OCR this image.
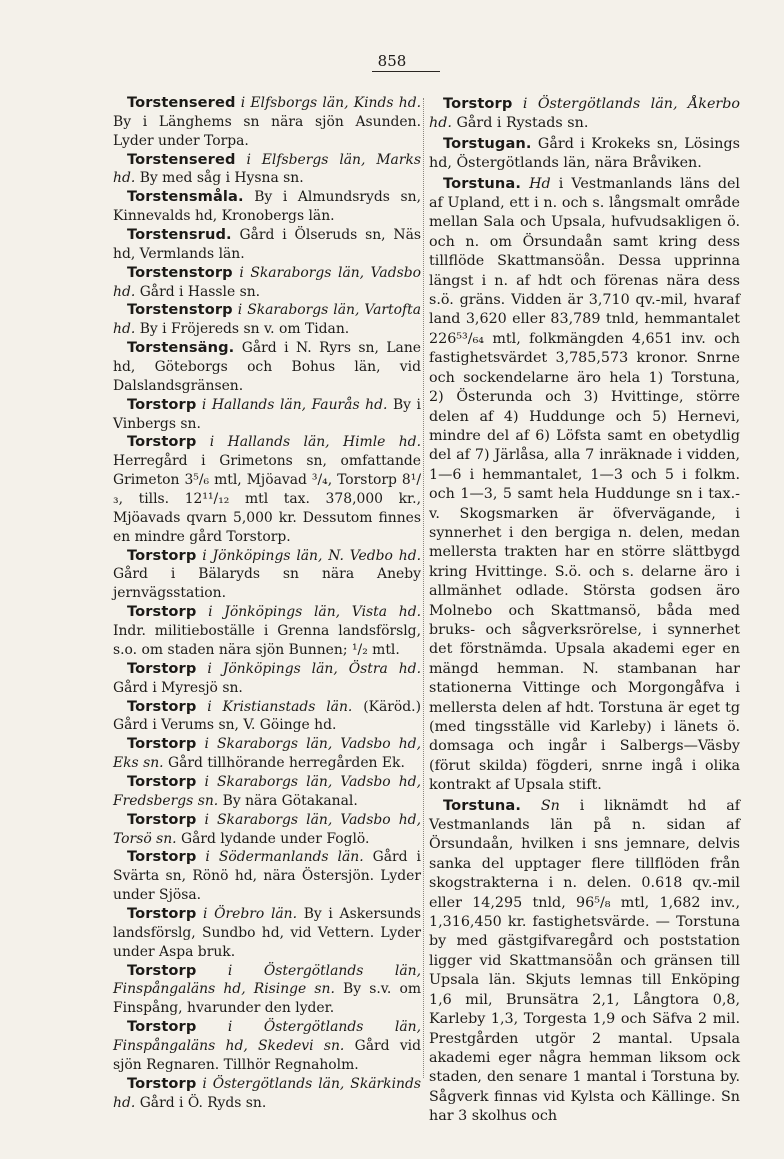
858

Torstensered i Elfsborgs län, Kinds hd. By i Länghems sn nära sjön Asunden. Lyder under Torpa.

Torstensered i Elfsbergs län, Marks hd. By med såg i Hysna sn.

Torstensmåla. By i Almundsryds sn, Kinnevalds hd, Kronobergs län.

Torstensrud. Gård i Ölseruds sn, Näs hd, Vermlands län.

Torstenstorp i Skaraborgs län, Vadsbo hd. Gård i Hassle sn.

Torstenstorp i Skaraborgs län, Vartofta hd. By i Fröjereds sn v. om Tidan.

Torstensäng. Gård i N. Ryrs sn, Lane hd, Göteborgs och Bohus län, vid Dalslandsgränsen.

Torstorp i Hallands län, Faurås hd. By i Vinbergs sn.

Torstorp i Hallands län, Himle hd. Herregård i Grimetons sn, omfattande Grimeton 3⁵/₆ mtl, Mjöavad ³/₄, Torstorp 8¹/₃, tills. 12¹¹/₁₂ mtl tax. 378,000 kr., Mjöavads qvarn 5,000 kr. Dessutom finnes en mindre gård Torstorp.

Torstorp i Jönköpings län, N. Vedbo hd. Gård i Bälaryds sn nära Aneby jernvägsstation.

Torstorp i Jönköpings län, Vista hd. Indr. militieboställe i Grenna landsförslg, s.o. om staden nära sjön Bunnen; ¹/₂ mtl.

Torstorp i Jönköpings län, Östra hd. Gård i Myresjö sn.

Torstorp i Kristianstads län. (Käröd.) Gård i Verums sn, V. Göinge hd.

Torstorp i Skaraborgs län, Vadsbo hd, Eks sn. Gård tillhörande herregården Ek.

Torstorp i Skaraborgs län, Vadsbo hd, Fredsbergs sn. By nära Götakanal.

Torstorp i Skaraborgs län, Vadsbo hd, Torsö sn. Gård lydande under Foglö.

Torstorp i Södermanlands län. Gård i Svärta sn, Rönö hd, nära Östersjön. Lyder under Sjösa.

Torstorp i Örebro län. By i Askersunds landsförslg, Sundbo hd, vid Vettern. Lyder under Aspa bruk.

Torstorp i Östergötlands län, Finspångaläns hd, Risinge sn. By s.v. om Finspång, hvarunder den lyder.

Torstorp i Östergötlands län, Finspångaläns hd, Skedevi sn. Gård vid sjön Regnaren. Tillhör Regnaholm.

Torstorp i Östergötlands län, Skärkinds hd. Gård i Ö. Ryds sn.

Torstorp i Östergötlands län, Åkerbo hd. Gård i Rystads sn.

Torstugan. Gård i Krokeks sn, Lösings hd, Östergötlands län, nära Bråviken.

Torstuna. Hd i Vestmanlands läns del af Upland, ett i n. och s. långsmalt område mellan Sala och Upsala, hufvudsakligen ö. och n. om Örsundaån samt kring dess tillflöde Skattmansöån. Dessa upprinna längst i n. af hdt och förenas nära dess s.ö. gräns. Vidden är 3,710 qv.-mil, hvaraf land 3,620 eller 83,789 tnld, hemmantalet 226⁵³/₆₄ mtl, folkmängden 4,651 inv. och fastighetsvärdet 3,785,573 kronor. Snrne och sockendelarne äro hela 1) Torstuna, 2) Österunda och 3) Hvittinge, större delen af 4) Huddunge och 5) Hernevi, mindre del af 6) Löfsta samt en obetydlig del af 7) Järlåsa, alla 7 inräknade i vidden, 1—6 i hemmantalet, 1—3 och 5 i folkm. och 1—3, 5 samt hela Huddunge sn i tax.-v. Skogsmarken är öfvervägande, i synnerhet i den bergiga n. delen, medan mellersta trakten har en större slättbygd kring Hvittinge. S.ö. och s. delarne äro i allmänhet odlade. Största godsen äro Molnebo och Skattmansö, båda med bruks- och sågverksrörelse, i synnerhet det förstnämda. Upsala akademi eger en mängd hemman. N. stambanan har stationerna Vittinge och Morgongåfva i mellersta delen af hdt. Torstuna är eget tg (med tingsställe vid Karleby) i länets ö. domsaga och ingår i Salbergs—Väsby (förut skilda) fögderi, snrne ingå i olika kontrakt af Upsala stift.

Torstuna. Sn i liknämdt hd af Vestmanlands län på n. sidan af Örsundaån, hvilken i sns jemnare, delvis sanka del upptager flere tillflöden från skogstrakterna i n. delen. 0.618 qv.-mil eller 14,295 tnld, 96⁵/₈ mtl, 1,682 inv., 1,316,450 kr. fastighetsvärde. — Torstuna by med gästgifvaregård och poststation ligger vid Skattmansöån och gränsen till Upsala län. Skjuts lemnas till Enköping 1,6 mil, Brunsätra 2,1, Långtora 0,8, Karleby 1,3, Torgesta 1,9 och Säfva 2 mil. Prestgården utgör 2 mantal. Upsala akademi eger några hemman liksom ock staden, den senare 1 mantal i Torstuna by. Sågverk finnas vid Kylsta och Källinge. Sn har 3 skolhus och
